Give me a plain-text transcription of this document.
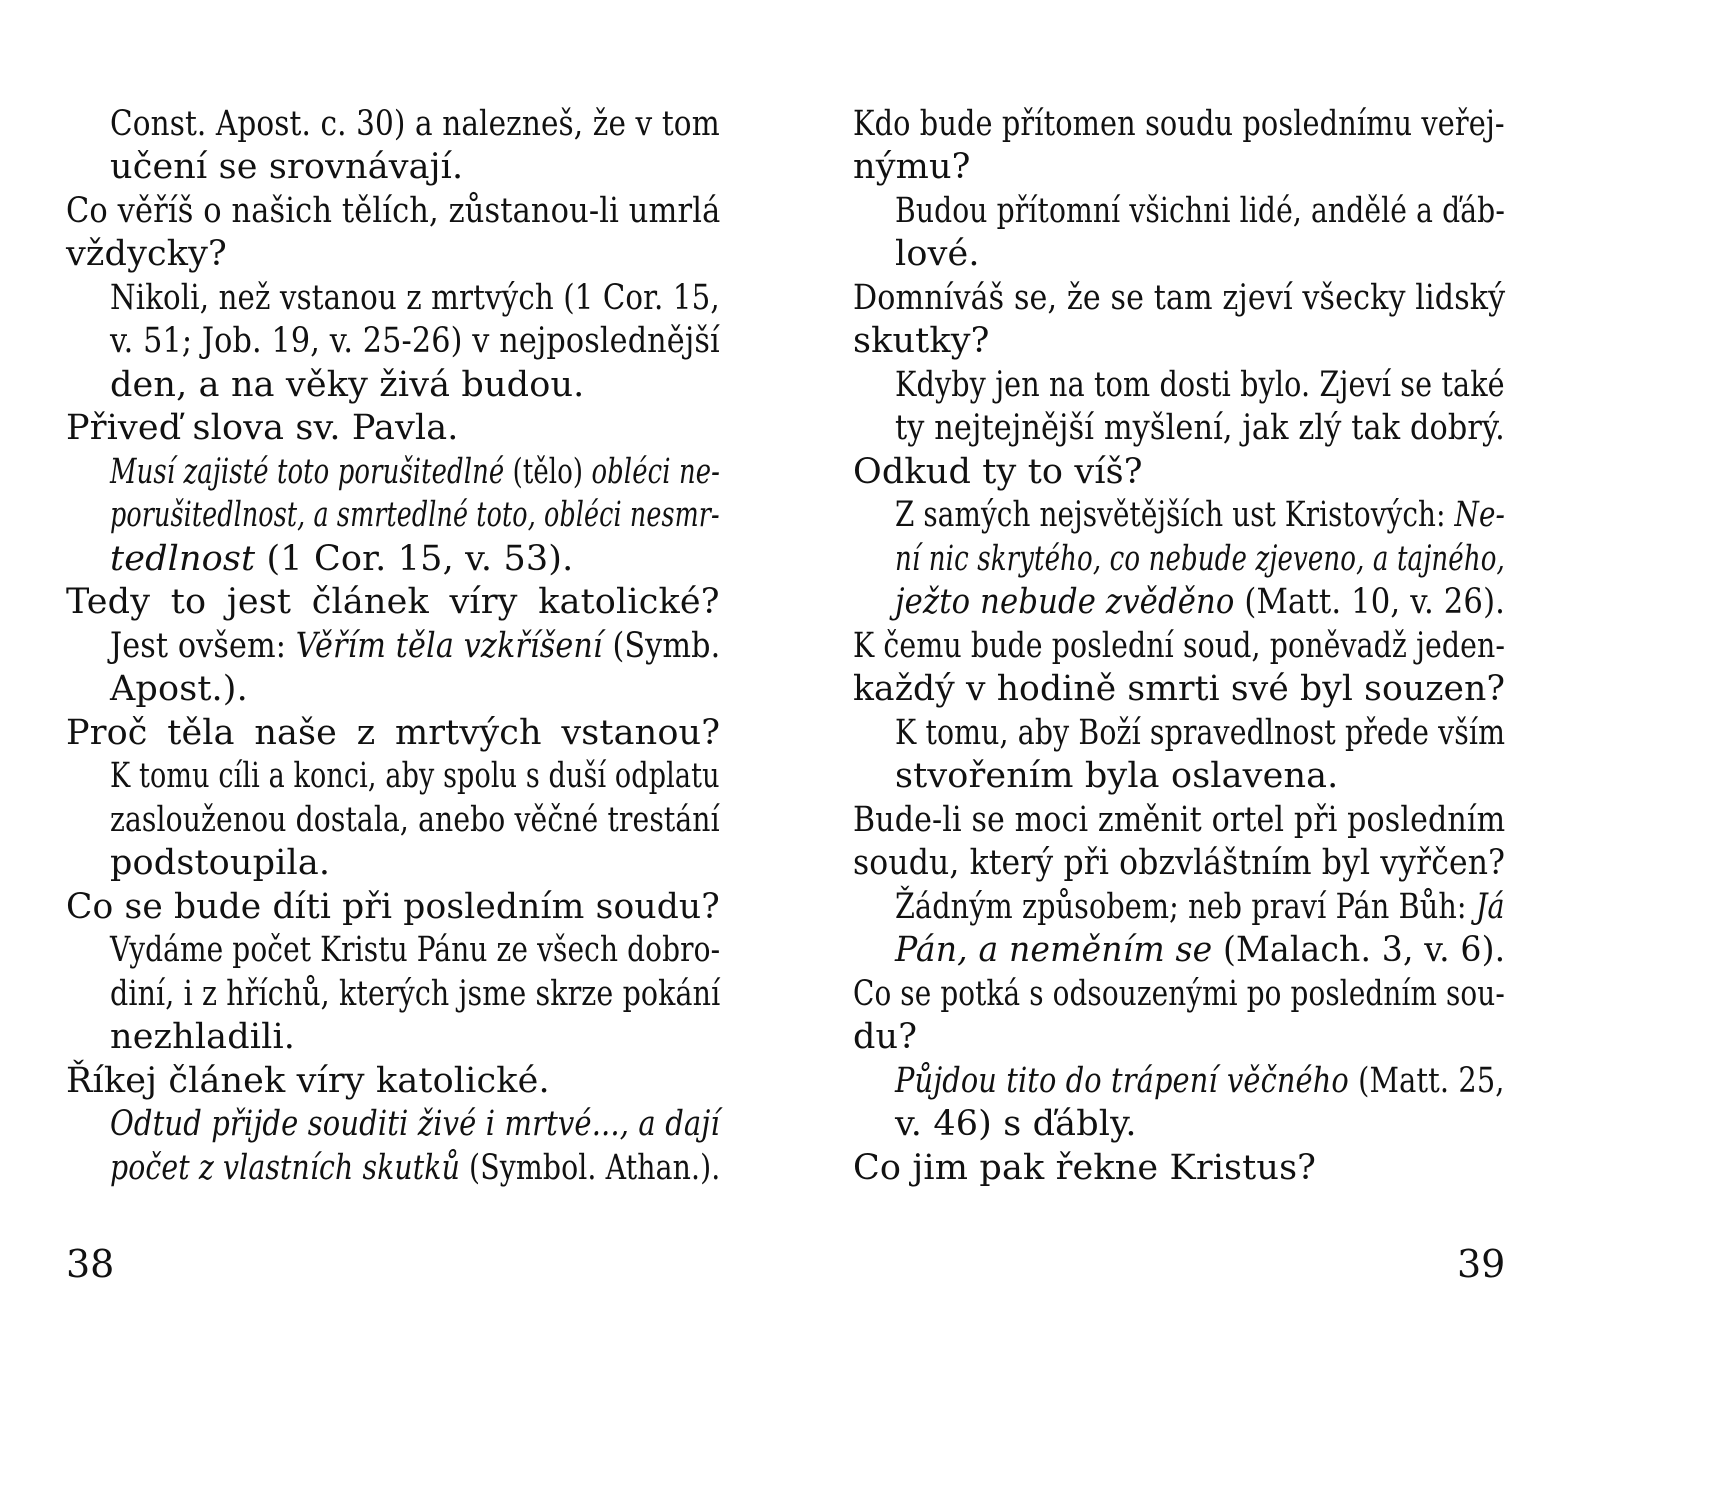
Const. Apost. c. 30) a nalezneš, že v tom
učení se srovnávají.
Co věříš o našich tělích, zůstanou-li umrlá
vždycky?
Nikoli, než vstanou z mrtvých (1 Cor. 15,
v. 51; Job. 19, v. 25-26) v nejposlednější
den, a na věky živá budou.
Přiveď slova sv. Pavla.
Musí zajisté toto porušitedlné (tělo) obléci ne-
porušitedlnost, a smrtedlné toto, obléci nesmr-
tedlnost (1 Cor. 15, v. 53).
Tedy to jest článek víry katolické?
Jest ovšem: Věřím těla vzkříšení (Symb.
Apost.).
Proč těla naše z mrtvých vstanou?
K tomu cíli a konci, aby spolu s duší odplatu
zaslouženou dostala, anebo věčné trestání
podstoupila.
Co se bude díti při posledním soudu?
Vydáme počet Kristu Pánu ze všech dobro-
diní, i z hříchů, kterých jsme skrze pokání
nezhladili.
Říkej článek víry katolické.
Odtud přijde souditi živé i mrtvé..., a dají
počet z vlastních skutků (Symbol. Athan.).
38
Kdo bude přítomen soudu poslednímu veřej-
nýmu?
Budou přítomní všichni lidé, andělé a ďáb-
lové.
Domníváš se, že se tam zjeví všecky lidský
skutky?
Kdyby jen na tom dosti bylo. Zjeví se také
ty nejtejnější myšlení, jak zlý tak dobrý.
Odkud ty to víš?
Z samých nejsvětějších ust Kristových: Ne-
ní nic skrytého, co nebude zjeveno, a tajného,
ježto nebude zvěděno (Matt. 10, v. 26).
K čemu bude poslední soud, poněvadž jeden-
každý v hodině smrti své byl souzen?
K tomu, aby Boží spravedlnost přede vším
stvořením byla oslavena.
Bude-li se moci změnit ortel při posledním
soudu, který při obzvláštním byl vyřčen?
Žádným způsobem; neb praví Pán Bůh: Já
Pán, a neměním se (Malach. 3, v. 6).
Co se potká s odsouzenými po posledním sou-
du?
Půjdou tito do trápení věčného (Matt. 25,
v. 46) s ďábly.
Co jim pak řekne Kristus?
39
